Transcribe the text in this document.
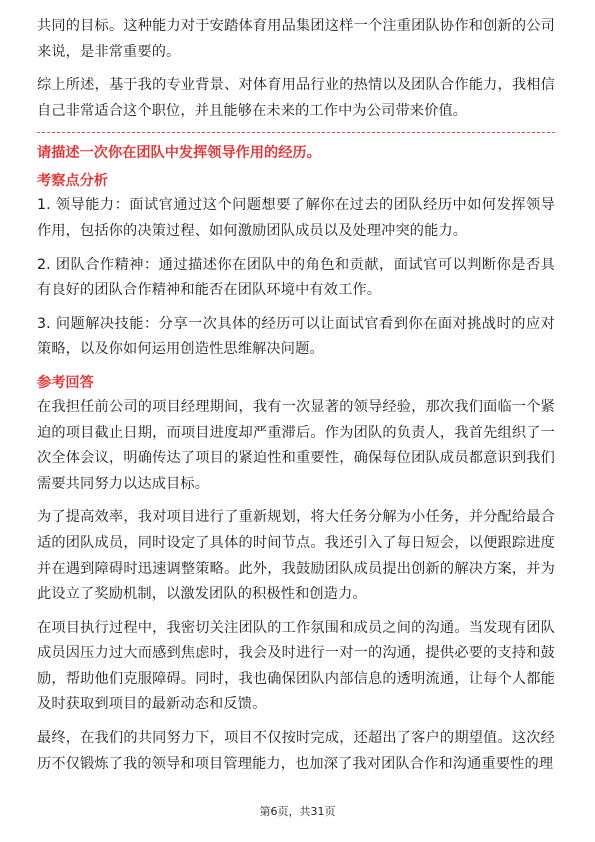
共同的目标。这种能力对于安踏体育用品集团这样一个注重团队协作和创新的公司来说，是非常重要的。

综上所述，基于我的专业背景、对体育用品行业的热情以及团队合作能力，我相信自己非常适合这个职位，并且能够在未来的工作中为公司带来价值。

请描述一次你在团队中发挥领导作用的经历。
考察点分析

1. 领导能力：面试官通过这个问题想要了解你在过去的团队经历中如何发挥领导作用，包括你的决策过程、如何激励团队成员以及处理冲突的能力。

2. 团队合作精神：通过描述你在团队中的角色和贡献，面试官可以判断你是否具有良好的团队合作精神和能否在团队环境中有效工作。

3. 问题解决技能：分享一次具体的经历可以让面试官看到你在面对挑战时的应对策略，以及你如何运用创造性思维解决问题。

参考回答

在我担任前公司的项目经理期间，我有一次显著的领导经验，那次我们面临一个紧迫的项目截止日期，而项目进度却严重滞后。作为团队的负责人，我首先组织了一次全体会议，明确传达了项目的紧迫性和重要性，确保每位团队成员都意识到我们需要共同努力以达成目标。

为了提高效率，我对项目进行了重新规划，将大任务分解为小任务，并分配给最合适的团队成员，同时设定了具体的时间节点。我还引入了每日短会，以便跟踪进度并在遇到障碍时迅速调整策略。此外，我鼓励团队成员提出创新的解决方案，并为此设立了奖励机制，以激发团队的积极性和创造力。

在项目执行过程中，我密切关注团队的工作氛围和成员之间的沟通。当发现有团队成员因压力过大而感到焦虑时，我会及时进行一对一的沟通，提供必要的支持和鼓励，帮助他们克服障碍。同时，我也确保团队内部信息的透明流通，让每个人都能及时获取到项目的最新动态和反馈。

最终，在我们的共同努力下，项目不仅按时完成，还超出了客户的期望值。这次经历不仅锻炼了我的领导和项目管理能力，也加深了我对团队合作和沟通重要性的理

第6页，共31页
